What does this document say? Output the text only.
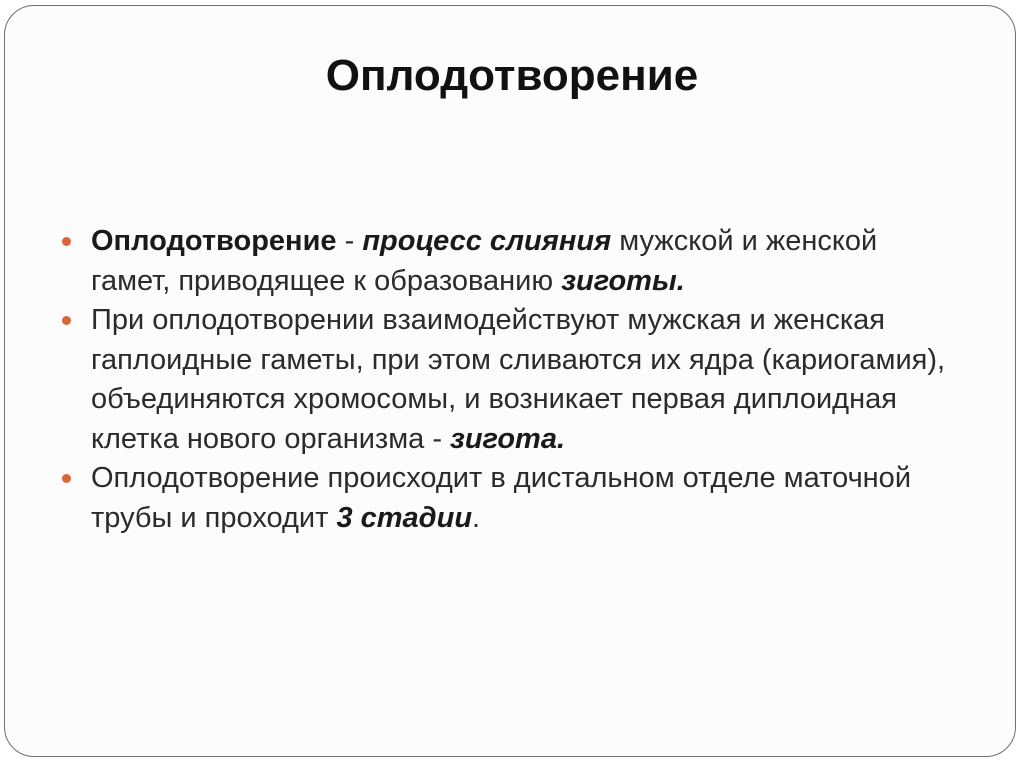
Оплодотворение
Оплодотворение - процесс слияния мужской и женской гамет, приводящее к образованию зиготы.
При оплодотворении взаимодействуют мужская и женская гаплоидные гаметы, при этом сливаются их ядра (кариогамия), объединяются хромосомы, и возникает первая диплоидная клетка нового организма - зигота.
Оплодотворение происходит в дистальном отделе маточной трубы и проходит 3 стадии.
